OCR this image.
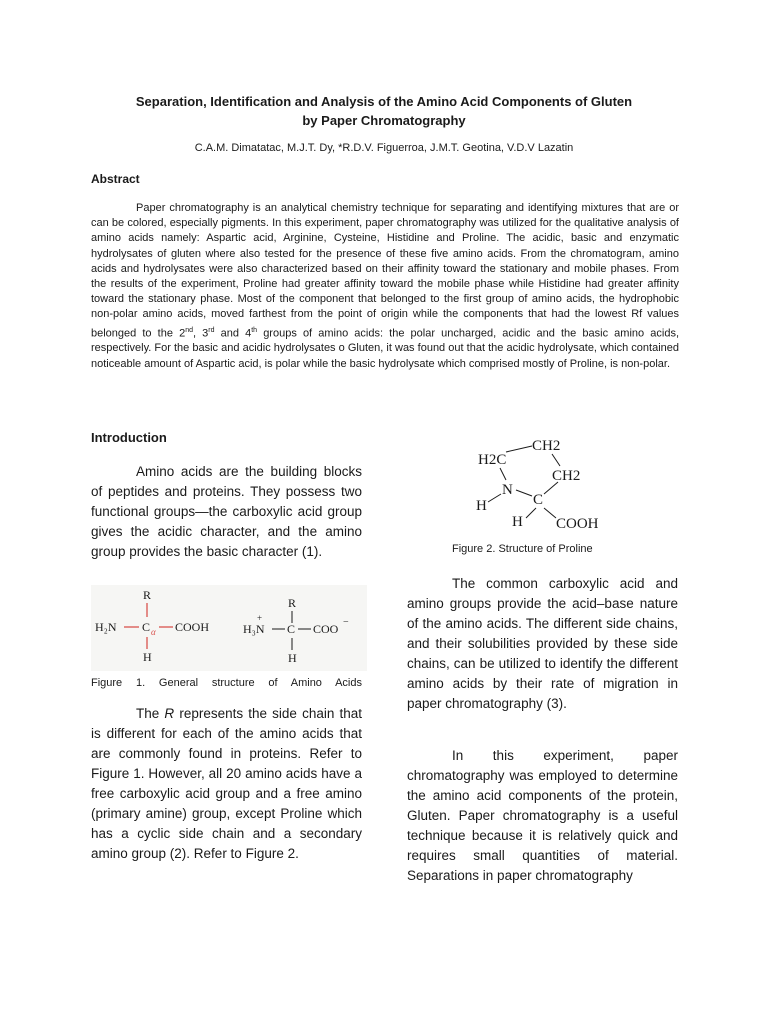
Separation, Identification and Analysis of the Amino Acid Components of Gluten
by Paper Chromatography
C.A.M. Dimatatac, M.J.T. Dy, *R.D.V. Figuerroa, J.M.T. Geotina, V.D.V Lazatin
Abstract

Paper chromatography is an analytical chemistry technique for separating and identifying mixtures that are or can be colored, especially pigments. In this experiment, paper chromatography was utilized for the qualitative analysis of amino acids namely: Aspartic acid, Arginine, Cysteine, Histidine and Proline. The acidic, basic and enzymatic hydrolysates of gluten where also tested for the presence of these five amino acids. From the chromatogram, amino acids and hydrolysates were also characterized based on their affinity toward the stationary and mobile phases. From the results of the experiment, Proline had greater affinity toward the mobile phase while Histidine had greater affinity toward the stationary phase. Most of the component that belonged to the first group of amino acids, the hydrophobic non-polar amino acids, moved farthest from the point of origin while the components that had the lowest Rf values belonged to the 2nd, 3rd and 4th groups of amino acids: the polar uncharged, acidic and the basic amino acids, respectively. For the basic and acidic hydrolysates o Gluten, it was found out that the acidic hydrolysate, which contained noticeable amount of Aspartic acid, is polar while the basic hydrolysate which comprised mostly of Proline, is non-polar.

Introduction

Amino acids are the building blocks of peptides and proteins. They possess two functional groups—the carboxylic acid group gives the acidic character, and the amino group provides the basic character (1).

R
H₂N C α COOH
H
R
+
H₃N C COO −
H
Figure 1. General structure of Amino Acids

The R represents the side chain that is different for each of the amino acids that are commonly found in proteins. Refer to Figure 1. However, all 20 amino acids have a free carboxylic acid group and a free amino (primary amine) group, except Proline which has a cyclic side chain and a secondary amino group (2). Refer to Figure 2.

CH2
H2C
CH2
N
C
H
H COOH
Figure 2. Structure of Proline

The common carboxylic acid and amino groups provide the acid–base nature of the amino acids. The different side chains, and their solubilities provided by these side chains, can be utilized to identify the different amino acids by their rate of migration in paper chromatography (3).

In this experiment, paper chromatography was employed to determine the amino acid components of the protein, Gluten. Paper chromatography is a useful technique because it is relatively quick and requires small quantities of material. Separations in paper chromatography
